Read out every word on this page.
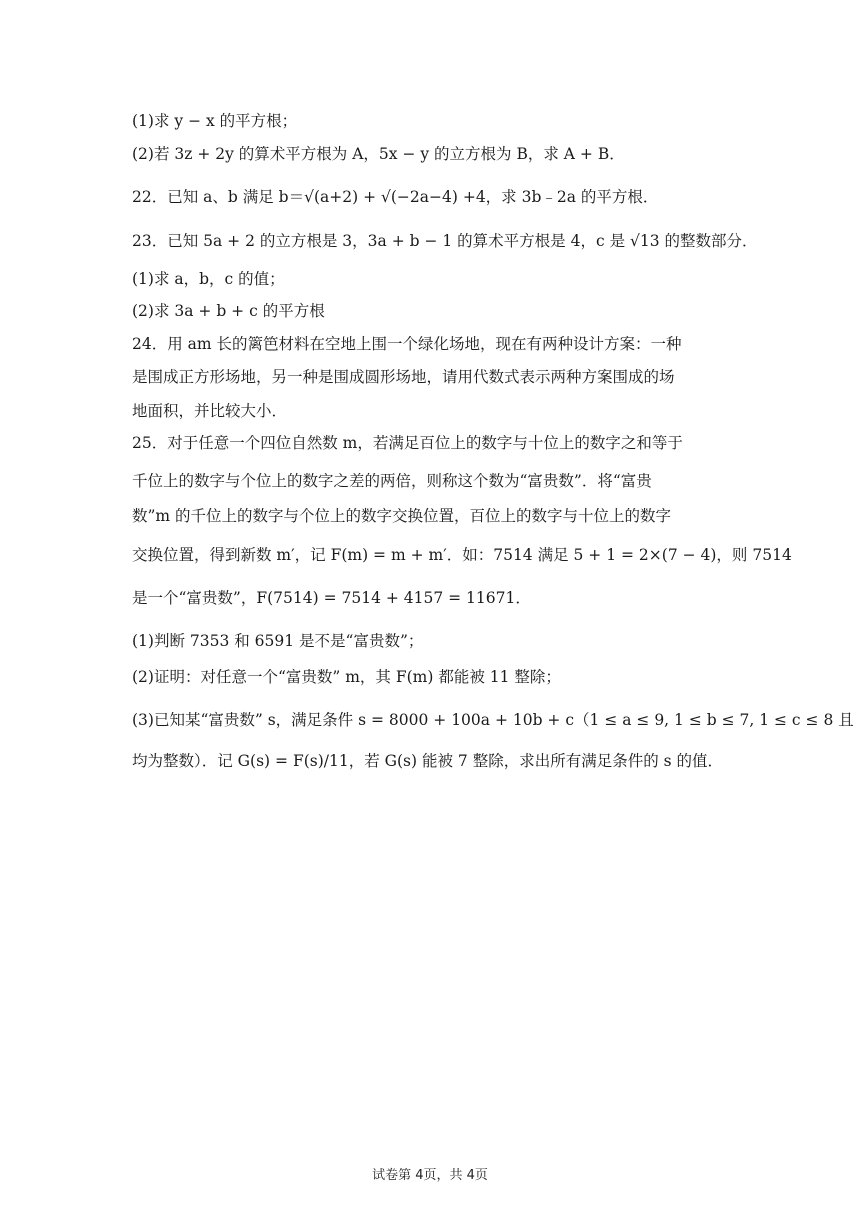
(1)求 y − x 的平方根；
(2)若 3z + 2y 的算术平方根为 A，5x − y 的立方根为 B，求 A + B．
22．已知 a、b 满足 b＝√(a+2) + √(−2a−4) +4，求 3b﹣2a 的平方根．
23．已知 5a + 2 的立方根是 3，3a + b − 1 的算术平方根是 4，c 是 √13 的整数部分．
(1)求 a，b，c 的值；
(2)求 3a + b + c 的平方根
24．用 am 长的篱笆材料在空地上围一个绿化场地，现在有两种设计方案：一种
是围成正方形场地，另一种是围成圆形场地，请用代数式表示两种方案围成的场
地面积，并比较大小．
25．对于任意一个四位自然数 m，若满足百位上的数字与十位上的数字之和等于
千位上的数字与个位上的数字之差的两倍，则称这个数为“富贵数”．将“富贵
数”m 的千位上的数字与个位上的数字交换位置，百位上的数字与十位上的数字
交换位置，得到新数 m′，记 F(m) = m + m′．如：7514 满足 5 + 1 = 2×(7 − 4)，则 7514
是一个“富贵数”，F(7514) = 7514 + 4157 = 11671．
(1)判断 7353 和 6591 是不是“富贵数”；
(2)证明：对任意一个“富贵数” m，其 F(m) 都能被 11 整除；
(3)已知某“富贵数” s，满足条件 s = 8000 + 100a + 10b + c（1 ≤ a ≤ 9, 1 ≤ b ≤ 7, 1 ≤ c ≤ 8 且
均为整数）．记 G(s) = F(s)/11，若 G(s) 能被 7 整除，求出所有满足条件的 s 的值．
试卷第 4页，共 4页
